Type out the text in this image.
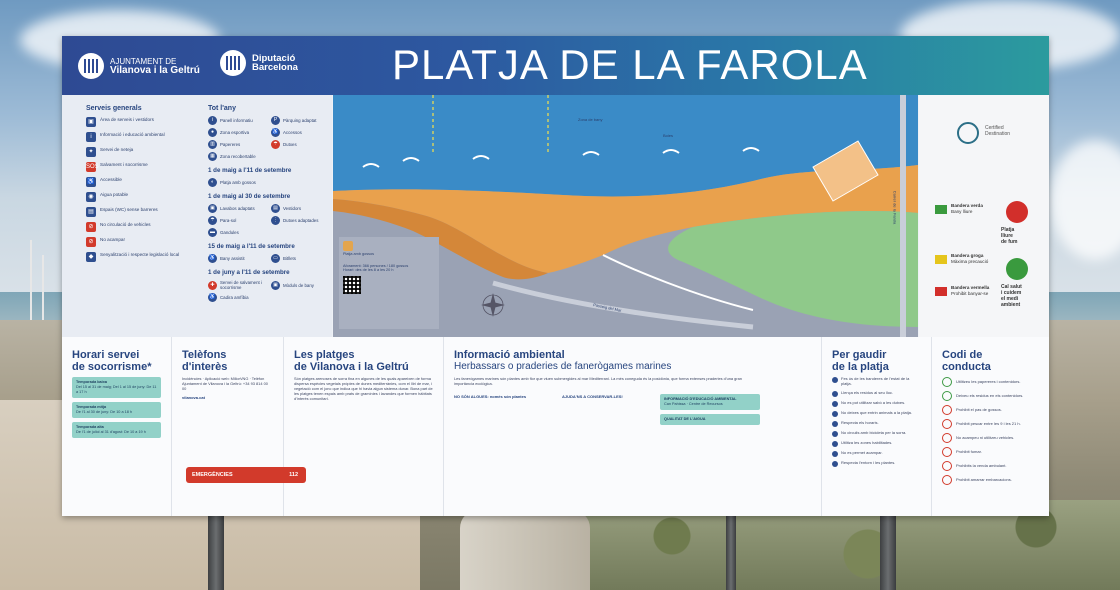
AJUNTAMENT DE
Vilanova i la Geltrú
Diputació
Barcelona PLATJA DE LA FAROLA
Serveis generals
▣	Àrea de serveis i vestidors
i	Informació i educació ambiental
✦	Servei de neteja
SOS Salvament i socorrisme
♿ Accessible
◉	Aigua potable
▤	Espais (WC) sense barreres
⊘	No circulació de vehicles
⊘	No acampar
◆	Senyalització i respecte legislació local
Tot l'any
i	Panell informatiu	P	Pàrquing adaptat
●	Zona esportiva	♿ Accessos
▥	Papereres	☂	Dutxes
▦	Zona recobertable
1 de maig a l'11 de setembre
◐	Platja amb gossos
1 de maig al 30 de setembre
▣	Lavabos adaptats	▤	Vestidors
☂	Para-sol	⋮	Dutxes adaptades
▬	Gandules
15 de maig a l'11 de setembre
♿ Bany assistit	▭	Bitllets
1 de juny a l'11 de setembre
✚	Servei de salvament i socorrisme	▣	Mòduls de bany
♿ Cadira amfíbia
Passeig del Mar
Carrer de la Farola
Zona de bany
Boies
Platja amb gossos
Aforament: 366 persones / 180 gossos
Horari: des de les 8 a les 20 h
Certified
Destination
Bandera verda
Bany lliure
Bandera groga
Màxima precaució
Bandera vermella
Prohibit banyar-se
Platja
lliure
de fum
Cal salut
i cuidem
el medi
ambient
Horari servei
de socorrisme*
Temporada baixa
Del 15 al 31 de maig; Del 1 al 15 de juny: De 11 a 17 h
Temporada mitja
De l'1 al 30 de juny: De 10 a 18 h
Temporada alta
De l'1 de juliol al 31 d'agost: De 10 a 19 h
Telèfons
d'interès
Incidències · Aplicació web: MillorVNG · Telèfon Ajuntament de Vilanova i la Geltrú: +34 93 814 00 00
vilanova.cat
EMERGÈNCIES	112
Les platges
de Vilanova i la Geltrú
Són platges arenoses de sorra fina en algunes de les quals apareixen de forma dispersa espècies vegetals pròpies de dunes mediterrànies, com el lliri de mar, i vegetació com el jonc que indica que hi havia algun sistema dunar. Bona part de les platges tenen espais amb prats de gramínies i lavandes que formen hàbitats d'interès comunitari.
Informació ambiental
Herbassars o praderies de fanerògames marines
Les fanerògames marines són plantes amb flor que viuen submergides al mar Mediterrani. La més coneguda és la posidònia, que forma extenses praderies d'una gran importància ecològica.
NO SÓN ALGUES: només són plantes	AJUDA'NS A CONSERVAR-LES!	INFORMACIÓ D'EDUCACIÓ AMBIENTAL
Can Pahissa · Centre de Recursos
QUALITAT DE L'AIGUA
Per gaudir
de la platja
Fes ús de les banderes de l'estat de la platja.
Llença els residus al seu lloc.
No es pot utilitzar sabó a les dutxes.
No deixes que entrin animals a la platja.
Respecta els horaris.
No circulis amb bicicleta per la sorra.
Utilitza les zones habilitades.
No es permet acampar.
Respecta l'entorn i les plantes.
Codi de
conducta
Utilitzeu les papereres i contenidors.
Deixeu els residus en els contenidors.
Prohibit el pas de gossos.
Prohibit pescar entre les 9 i les 21 h.
No acampeu ni utilitzeu vehicles.
Prohibit fumar.
Prohibits la venda ambulant.
Prohibit amarrar embarcacions.
